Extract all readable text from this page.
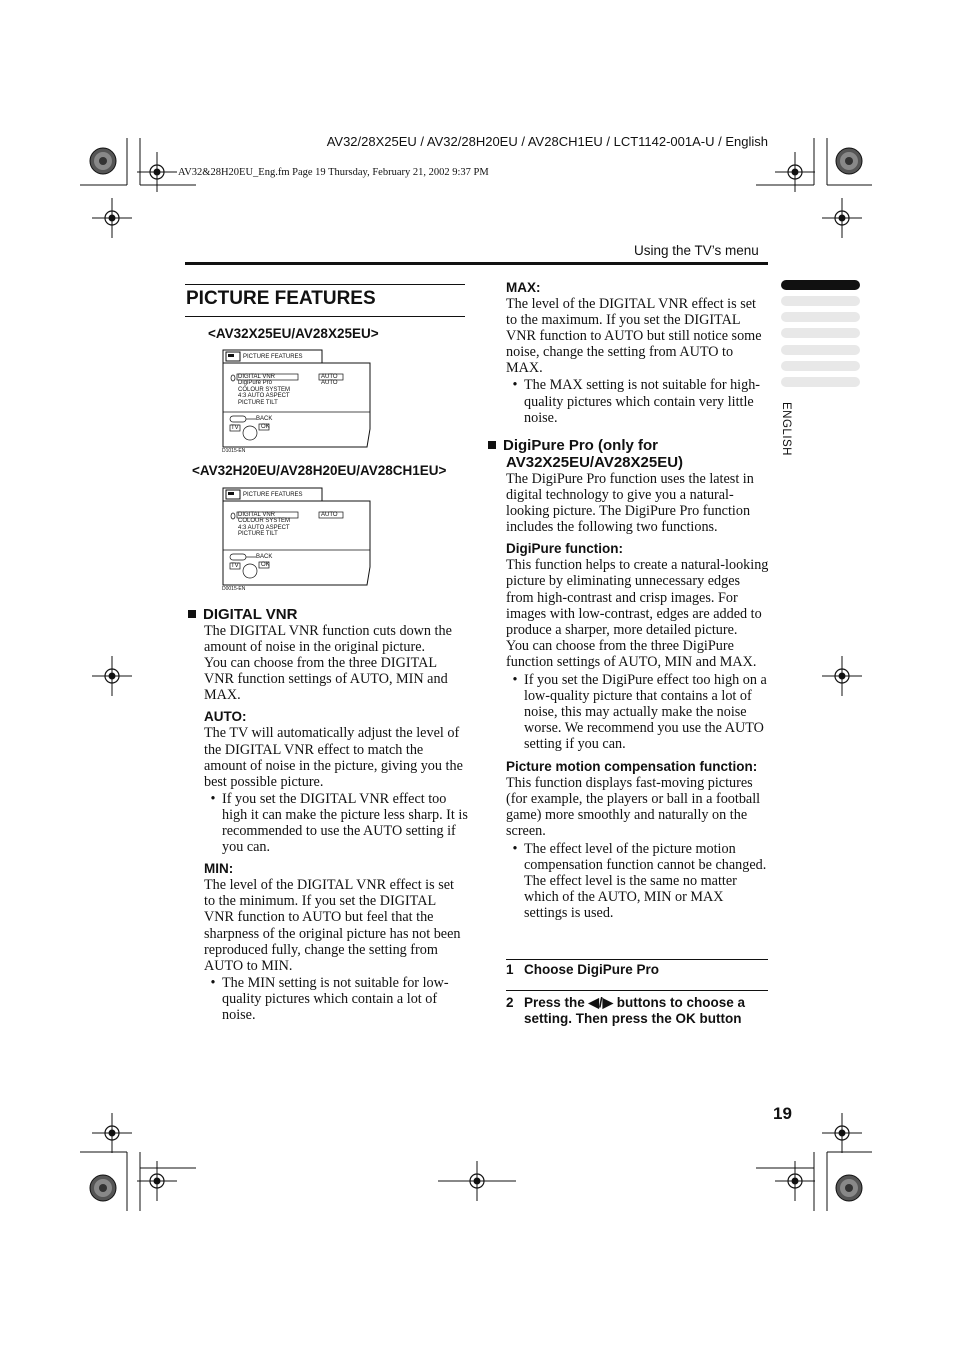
AV32/28X25EU / AV32/28H20EU / AV28CH1EU / LCT1142-001A-U / English
AV32&28H20EU_Eng.fm Page 19 Thursday, February 21, 2002 9:37 PM
Using the TV’s menu
ENGLISH
PICTURE FEATURES
<AV32X25EU/AV28X25EU>
PICTURE FEATURES
DIGITAL VNR
DigiPure Pro
COLOUR SYSTEM
4:3 AUTO ASPECT
PICTURE TILT
AUTO
AUTO
BACK
TV	OK
D1015-EN
<AV32H20EU/AV28H20EU/AV28CH1EU>
PICTURE FEATURES
DIGITAL VNR
COLOUR SYSTEM
4:3 AUTO ASPECT
PICTURE TILT
AUTO
BACK
TV	OK
D0015-EN
DIGITAL VNR
The DIGITAL VNR function cuts down the amount of noise in the original picture.
You can choose from the three DIGITAL VNR function settings of AUTO, MIN and MAX.
AUTO:
The TV will automatically adjust the level of the DIGITAL VNR effect to match the amount of noise in the picture, giving you the best possible picture.
• If you set the DIGITAL VNR effect too high it can make the picture less sharp. It is recommended to use the AUTO setting if you can.
MIN:
The level of the DIGITAL VNR effect is set to the minimum. If you set the DIGITAL VNR function to AUTO but feel that the sharpness of the original picture has not been reproduced fully, change the setting from AUTO to MIN.
• The MIN setting is not suitable for low-quality pictures which contain a lot of noise.
MAX:
The level of the DIGITAL VNR effect is set to the maximum. If you set the DIGITAL VNR function to AUTO but still notice some noise, change the setting from AUTO to MAX.
• The MAX setting is not suitable for high-quality pictures which contain very little noise.
DigiPure Pro (only for AV32X25EU/AV28X25EU)
The DigiPure Pro function uses the latest in digital technology to give you a natural-looking picture. The DigiPure Pro function includes the following two functions.
DigiPure function:
This function helps to create a natural-looking picture by eliminating unnecessary edges from high-contrast and crisp images. For images with low-contrast, edges are added to produce a sharper, more detailed picture.
You can choose from the three DigiPure function settings of AUTO, MIN and MAX.
• If you set the DigiPure effect too high on a low-quality picture that contains a lot of noise, this may actually make the noise worse. We recommend you use the AUTO setting if you can.
Picture motion compensation function:
This function displays fast-moving pictures (for example, the players or ball in a football game) more smoothly and naturally on the screen.
• The effect level of the picture motion compensation function cannot be changed. The effect level is the same no matter which of the AUTO, MIN or MAX settings is used.
1 Choose DigiPure Pro
2 Press the ◀/▶ buttons to choose a setting. Then press the OK button
19
